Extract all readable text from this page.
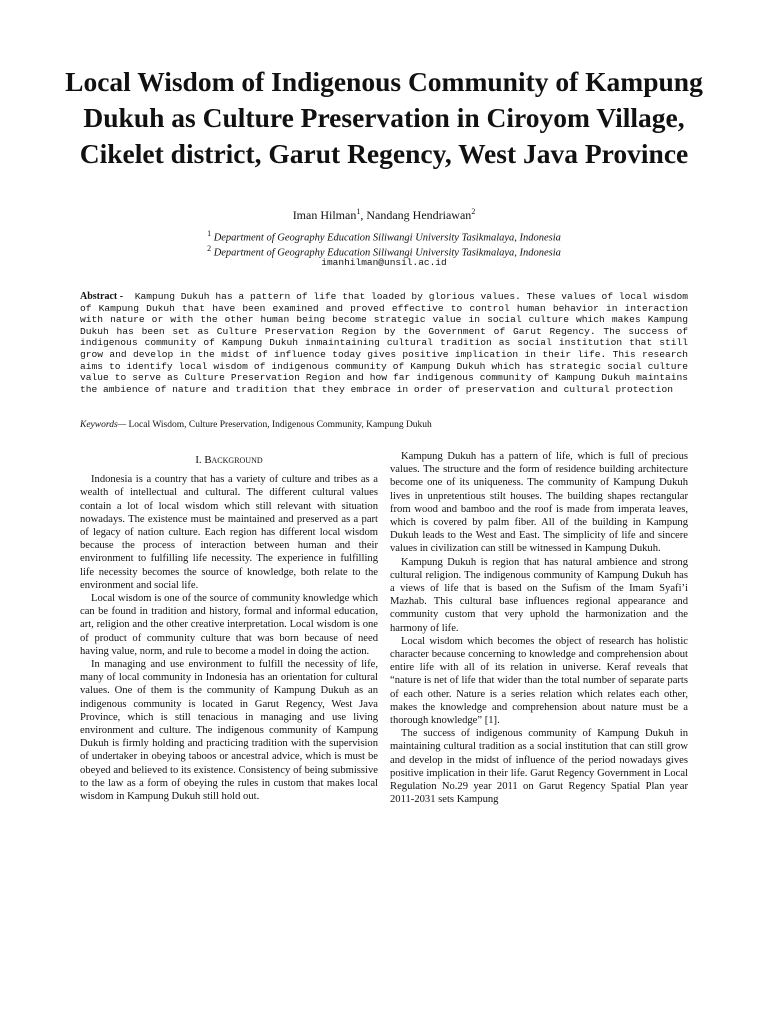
Local Wisdom of Indigenous Community of Kampung Dukuh as Culture Preservation in Ciroyom Village, Cikelet district, Garut Regency, West Java Province
Iman Hilman$^1$, Nandang Hendriawan$^2$
$^1$ Department of Geography Education Siliwangi University Tasikmalaya, Indonesia
$^2$ Department of Geography Education Siliwangi University Tasikmalaya, Indonesia
imanhilman@unsil.ac.id
Abstract - Kampung Dukuh has a pattern of life that loaded by glorious values. These values of local wisdom of Kampung Dukuh that have been examined and proved effective to control human behavior in interaction with nature or with the other human being become strategic value in social culture which makes Kampung Dukuh has been set as Culture Preservation Region by the Government of Garut Regency. The success of indigenous community of Kampung Dukuh inmaintaining cultural tradition as social institution that still grow and develop in the midst of influence today gives positive implication in their life. This research aims to identify local wisdom of indigenous community of Kampung Dukuh which has strategic social culture value to serve as Culture Preservation Region and how far indigenous community of Kampung Dukuh maintains the ambience of nature and tradition that they embrace in order of preservation and cultural protection
Keywords— Local Wisdom, Culture Preservation, Indigenous Community, Kampung Dukuh
I. Background

Indonesia is a country that has a variety of culture and tribes as a wealth of intellectual and cultural. The different cultural values contain a lot of local wisdom which still relevant with situation nowadays. The existence must be maintained and preserved as a part of legacy of nation culture. Each region has different local wisdom because the process of interaction between human and their environment to fulfilling life necessity. The experience in fulfilling life necessity becomes the source of knowledge, both relate to the environment and social life.

Local wisdom is one of the source of community knowledge which can be found in tradition and history, formal and informal education, art, religion and the other creative interpretation. Local wisdom is one of product of community culture that was born because of need having value, norm, and rule to become a model in doing the action.

In managing and use environment to fulfill the necessity of life, many of local community in Indonesia has an orientation for cultural values. One of them is the community of Kampung Dukuh as an indigenous community is located in Garut Regency, West Java Province, which is still tenacious in managing and use living environment and culture. The indigenous community of Kampung Dukuh is firmly holding and practicing tradition with the supervision of undertaker in obeying taboos or ancestral advice, which is must be obeyed and believed to its existence. Consistency of being submissive to the law as a form of obeying the rules in custom that makes local wisdom in Kampung Dukuh still hold out.

Kampung Dukuh has a pattern of life, which is full of precious values. The structure and the form of residence building architecture become one of its uniqueness. The community of Kampung Dukuh lives in unpretentious stilt houses. The building shapes rectangular from wood and bamboo and the roof is made from imperata leaves, which is covered by palm fiber. All of the building in Kampung Dukuh leads to the West and East. The simplicity of life and sincere values in civilization can still be witnessed in Kampung Dukuh.

Kampung Dukuh is region that has natural ambience and strong cultural religion. The indigenous community of Kampung Dukuh has a views of life that is based on the Sufism of the Imam Syafi’i Mazhab. This cultural base influences regional appearance and community custom that very uphold the harmonization and the harmony of life.

Local wisdom which becomes the object of research has holistic character because concerning to knowledge and comprehension about entire life with all of its relation in universe. Keraf reveals that “nature is net of life that wider than the total number of separate parts of each other. Nature is a series relation which relates each other, makes the knowledge and comprehension about nature must be a thorough knowledge” [1].

The success of indigenous community of Kampung Dukuh in maintaining cultural tradition as a social institution that can still grow and develop in the midst of influence of the period nowadays gives positive implication in their life. Garut Regency Government in Local Regulation No.29 year 2011 on Garut Regency Spatial Plan year 2011-2031 sets Kampung
